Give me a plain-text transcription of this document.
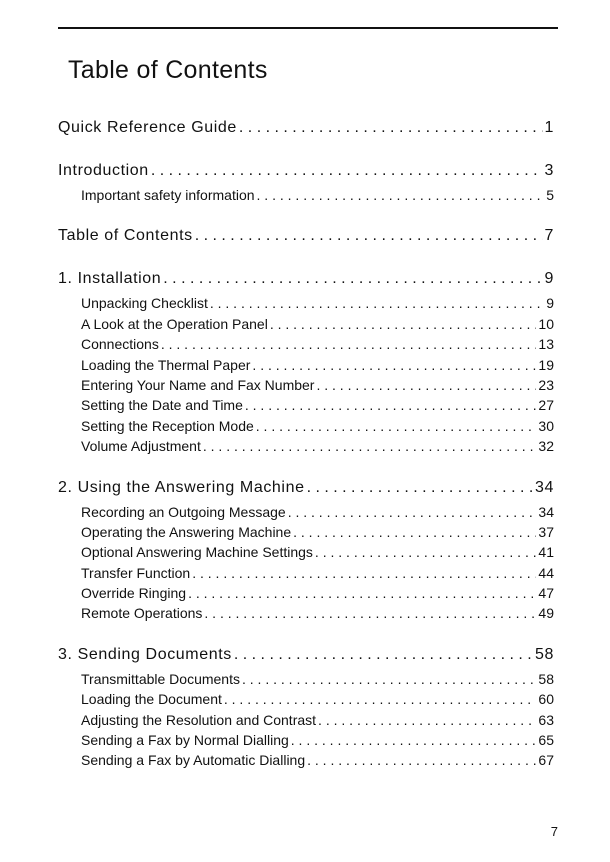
Table of Contents
Quick Reference Guide . . .	1
Introduction . . .	3
Important safety information . . .	5
Table of Contents . . .	7
1. Installation . . .	9
Unpacking Checklist . . .	9
A Look at the Operation Panel . . .	10
Connections . . .	13
Loading the Thermal Paper . . .	19
Entering Your Name and Fax Number . . .	23
Setting the Date and Time . . .	27
Setting the Reception Mode . . .	30
Volume Adjustment . . .	32
2. Using the Answering Machine . . .	34
Recording an Outgoing Message . . .	34
Operating the Answering Machine . . .	37
Optional Answering Machine Settings . . .	41
Transfer Function . . .	44
Override Ringing . . .	47
Remote Operations . . .	49
3. Sending Documents . . .	58
Transmittable Documents . . .	58
Loading the Document . . .	60
Adjusting the Resolution and Contrast . . .	63
Sending a Fax by Normal Dialling . . .	65
Sending a Fax by Automatic Dialling . . .	67
7
